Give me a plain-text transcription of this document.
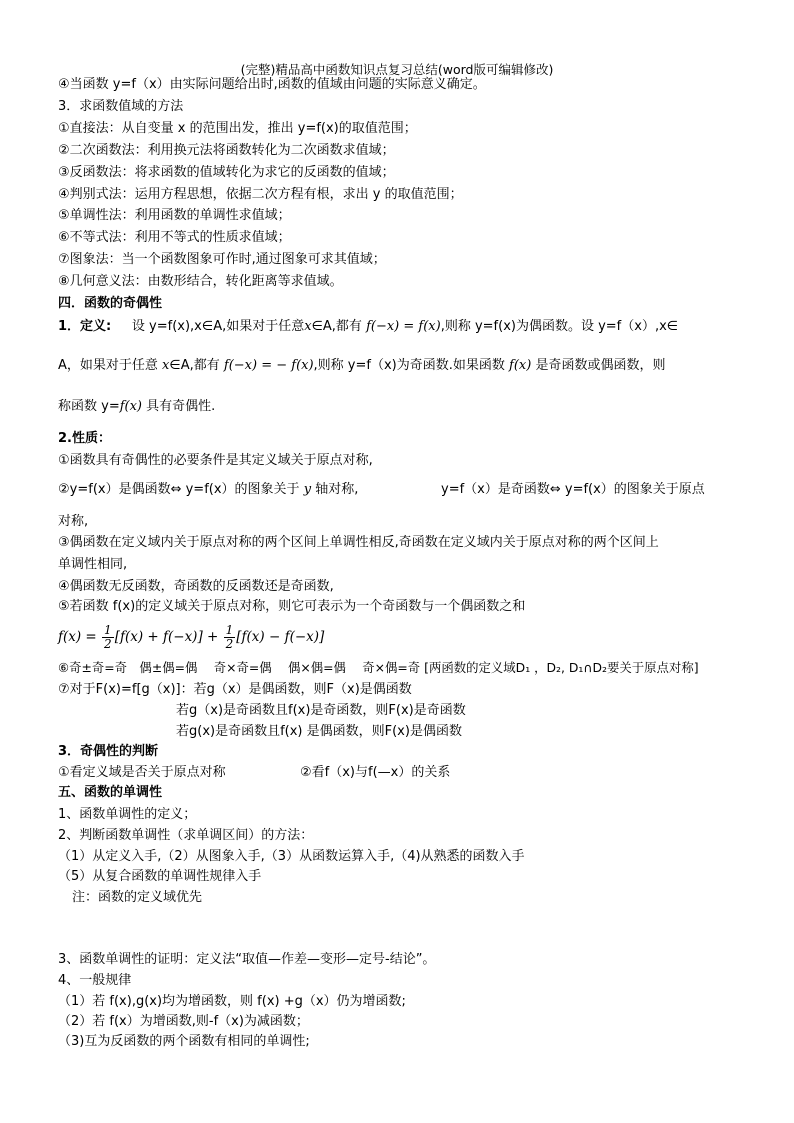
(完整)精品高中函数知识点复习总结(word版可编辑修改)
④当函数 y=f（x）由实际问题给出时,函数的值域由问题的实际意义确定。
3．求函数值域的方法
①直接法：从自变量 x 的范围出发，推出 y=f(x)的取值范围；
②二次函数法：利用换元法将函数转化为二次函数求值域；
③反函数法：将求函数的值域转化为求它的反函数的值域；
④判别式法：运用方程思想，依据二次方程有根，求出 y 的取值范围；
⑤单调性法：利用函数的单调性求值域；
⑥不等式法：利用不等式的性质求值域；
⑦图象法：当一个函数图象可作时,通过图象可求其值域；
⑧几何意义法：由数形结合，转化距离等求值域。
四．函数的奇偶性
1．定义: 设 y=f(x),x∈A,如果对于任意x∈A,都有 f(−x) = f(x),则称 y=f(x)为偶函数。设 y=f（x）,x∈
A，如果对于任意 x∈A,都有 f(−x) = − f(x),则称 y=f（x)为奇函数.如果函数 f(x) 是奇函数或偶函数，则
称函数 y=f(x) 具有奇偶性.
2.性质：
①函数具有奇偶性的必要条件是其定义域关于原点对称,
②y=f(x）是偶函数⇔ y=f(x）的图象关于 y 轴对称,	y=f（x）是奇函数⇔ y=f(x）的图象关于原点
对称,
③偶函数在定义域内关于原点对称的两个区间上单调性相反,奇函数在定义域内关于原点对称的两个区间上
单调性相同,
④偶函数无反函数，奇函数的反函数还是奇函数,
⑤若函数 f(x)的定义域关于原点对称，则它可表示为一个奇函数与一个偶函数之和
$f(x) = \frac{1}{2} [f(x) + f(-x)] + \frac{1}{2} [f(x) - f(-x)]$
⑥奇±奇=奇　偶±偶=偶　 奇×奇=偶　 偶×偶=偶　 奇×偶=奇 [两函数的定义域D₁ ，D₂, D₁∩D₂要关于原点对称]
⑦对于F(x)=f[g（x)]：若g（x）是偶函数，则F（x)是偶函数
若g（x)是奇函数且f(x)是奇函数，则F(x)是奇函数
若g(x)是奇函数且f(x) 是偶函数，则F(x)是偶函数
3．奇偶性的判断
①看定义域是否关于原点对称	②看f（x)与f(—x）的关系
五、函数的单调性
1、函数单调性的定义；
2、判断函数单调性（求单调区间）的方法：
（1）从定义入手,（2）从图象入手,（3）从函数运算入手,（4)从熟悉的函数入手
（5）从复合函数的单调性规律入手
注：函数的定义域优先
3、函数单调性的证明：定义法“取值—作差—变形—定号-结论”。
4、一般规律
（1）若 f(x),g(x)均为增函数，则 f(x) +g（x）仍为增函数;
（2）若 f(x）为增函数,则-f（x)为减函数；
（3)互为反函数的两个函数有相同的单调性;
